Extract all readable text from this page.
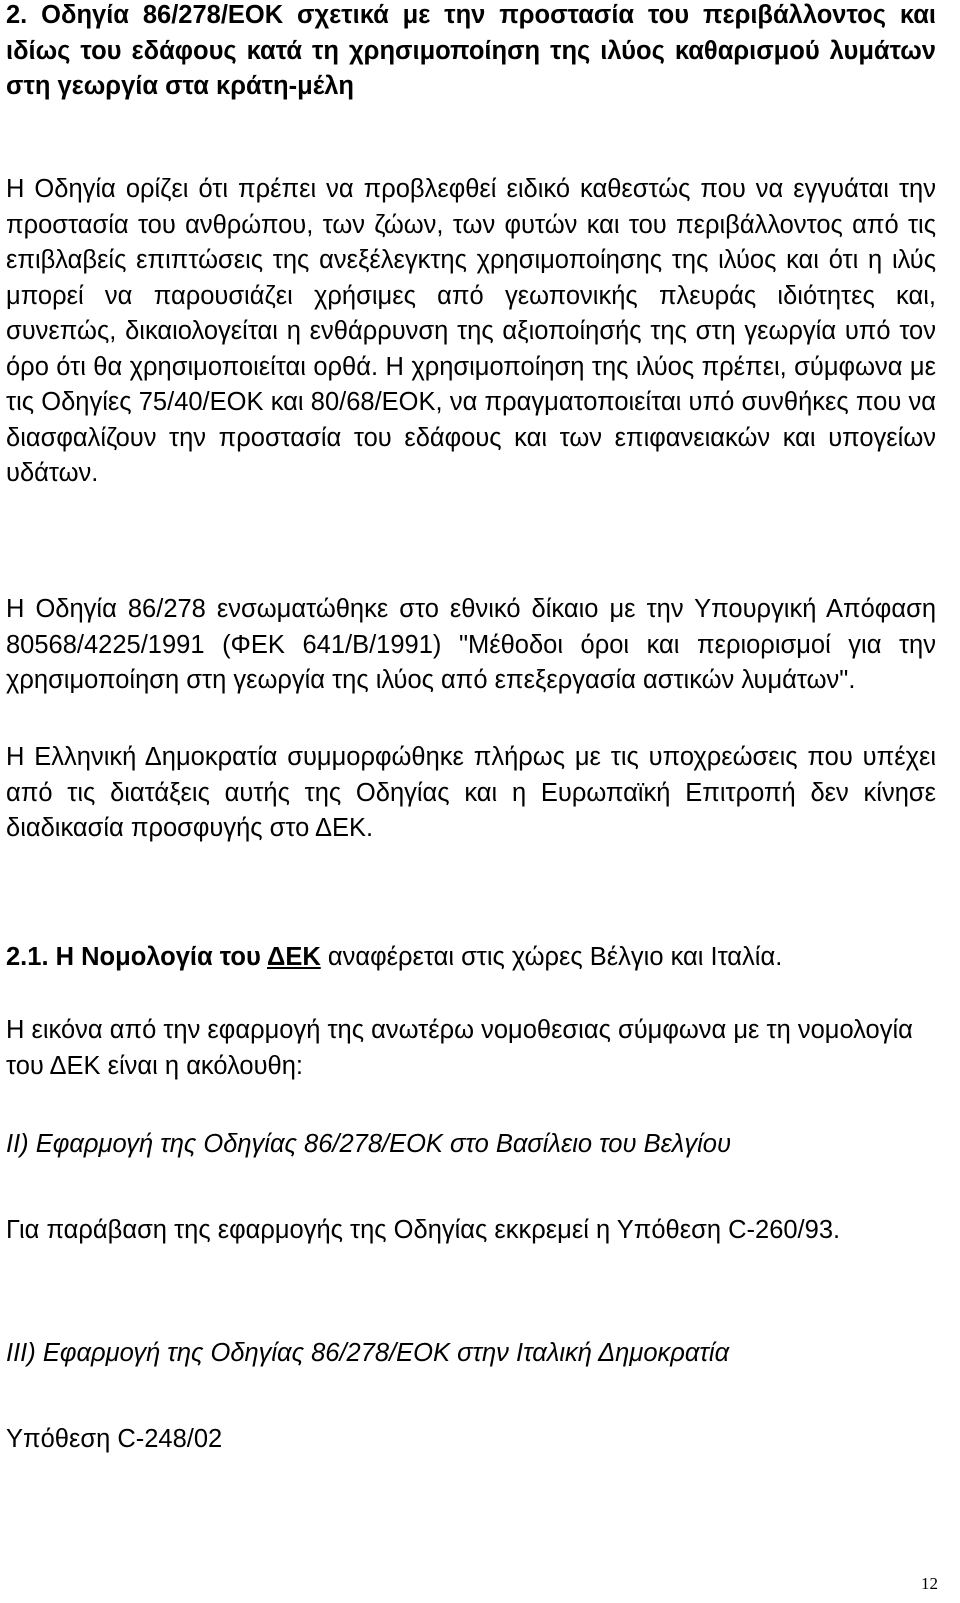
2. Οδηγία 86/278/ΕΟΚ σχετικά με την προστασία του περιβάλλοντος και ιδίως του εδάφους κατά τη χρησιμοποίηση της ιλύος καθαρισμού λυμάτων στη γεωργία στα κράτη-μέλη

Η Οδηγία ορίζει ότι πρέπει να προβλεφθεί ειδικό καθεστώς που να εγγυάται την προστασία του ανθρώπου, των ζώων, των φυτών και του περιβάλλοντος από τις επιβλαβείς επιπτώσεις της ανεξέλεγκτης χρησιμοποίησης της ιλύος και ότι η ιλύς μπορεί να παρουσιάζει χρήσιμες από γεωπονικής πλευράς ιδιότητες και, συνεπώς, δικαιολογείται η ενθάρρυνση της αξιοποίησής της στη γεωργία υπό τον όρο ότι θα χρησιμοποιείται ορθά. Η χρησιμοποίηση της ιλύος πρέπει, σύμφωνα με τις Οδηγίες 75/40/ΕΟΚ και 80/68/ΕΟΚ, να πραγματοποιείται υπό συνθήκες που να διασφαλίζουν την προστασία του εδάφους και των επιφανειακών και υπογείων υδάτων.

Η Οδηγία 86/278 ενσωματώθηκε στο εθνικό δίκαιο με την Υπουργική Απόφαση 80568/4225/1991 (ΦΕΚ 641/Β/1991) "Μέθοδοι όροι και περιορισμοί για την χρησιμοποίηση στη γεωργία της ιλύος από επεξεργασία αστικών λυμάτων".

Η Ελληνική Δημοκρατία συμμορφώθηκε πλήρως με τις υποχρεώσεις που υπέχει από τις διατάξεις αυτής της Οδηγίας και η Ευρωπαϊκή Επιτροπή δεν κίνησε διαδικασία προσφυγής στο ΔΕΚ.

2.1. Η Νομολογία του ΔΕΚ αναφέρεται στις χώρες Βέλγιο και Ιταλία.

Η εικόνα από την εφαρμογή της ανωτέρω νομοθεσιας σύμφωνα με τη νομολογία του ΔΕΚ είναι η ακόλουθη:

II) Εφαρμογή της Οδηγίας 86/278/ΕΟΚ στο Βασίλειο του Βελγίου

Για παράβαση της εφαρμογής της Οδηγίας εκκρεμεί η Υπόθεση C-260/93.

III) Εφαρμογή της Οδηγίας 86/278/ΕΟΚ στην Ιταλική Δημοκρατία

Υπόθεση C-248/02

12
